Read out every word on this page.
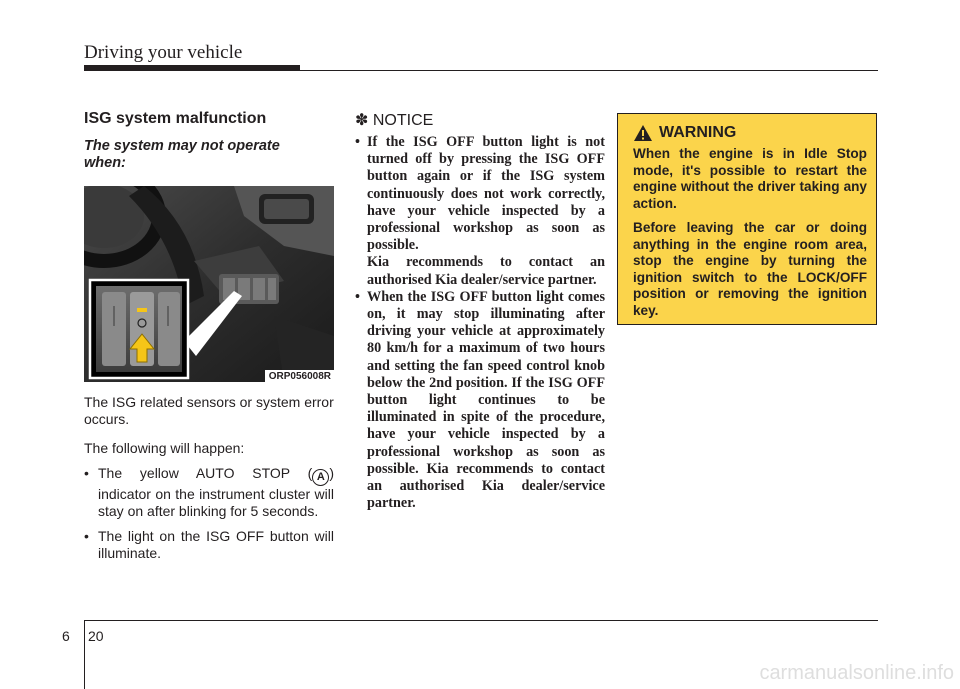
Driving your vehicle
ISG system malfunction
The system may not operate when:
ORP056008R

The ISG related sensors or system error occurs.

The following will happen:

• The yellow AUTO STOP ( A ) indicator on the instrument cluster will stay on after blinking for 5 seconds.
• The light on the ISG OFF button will illuminate.
✽ NOTICE

• If the ISG OFF button light is not turned off by pressing the ISG OFF button again or if the ISG system continuously does not work correctly, have your vehicle inspected by a professional workshop as soon as possible.

Kia recommends to contact an authorised Kia dealer/service partner.

• When the ISG OFF button light comes on, it may stop illuminating after driving your vehicle at approximately 80 km/h for a maximum of two hours and setting the fan speed control knob below the 2nd position. If the ISG OFF button light continues to be illuminated in spite of the procedure, have your vehicle inspected by a professional workshop as soon as possible. Kia recommends to contact an authorised Kia dealer/service partner.

WARNING

When the engine is in Idle Stop mode, it's possible to restart the engine without the driver taking any action.

Before leaving the car or doing anything in the engine room area, stop the engine by turning the ignition switch to the LOCK/OFF position or removing the ignition key.

6 20
carmanualsonline.info
